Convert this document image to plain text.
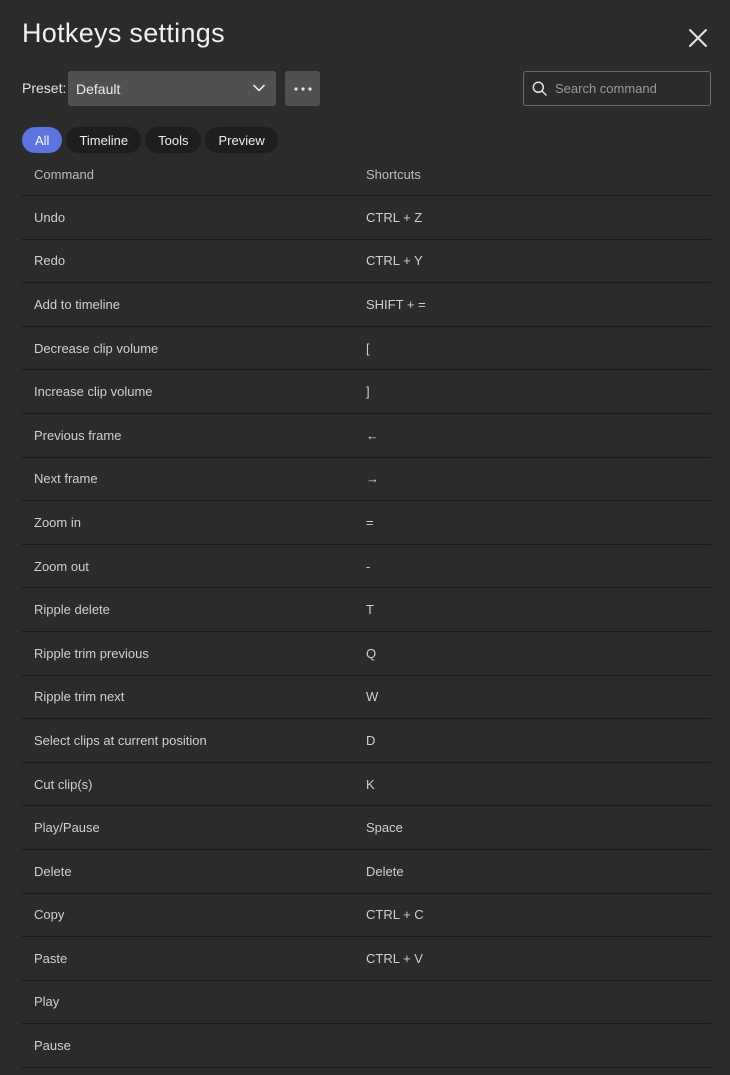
Hotkeys settings
Preset: Default
Search command
All	Timeline	Tools	Preview
Command	Shortcuts
Undo	CTRL + Z
Redo	CTRL + Y
Add to timeline	SHIFT + =
Decrease clip volume	[
Increase clip volume	]
Previous frame	←
Next frame	→
Zoom in	=
Zoom out	-
Ripple delete	T
Ripple trim previous	Q
Ripple trim next	W
Select clips at current position	D
Cut clip(s)	K
Play/Pause	Space
Delete	Delete
Copy	CTRL + C
Paste	CTRL + V
Play
Pause
